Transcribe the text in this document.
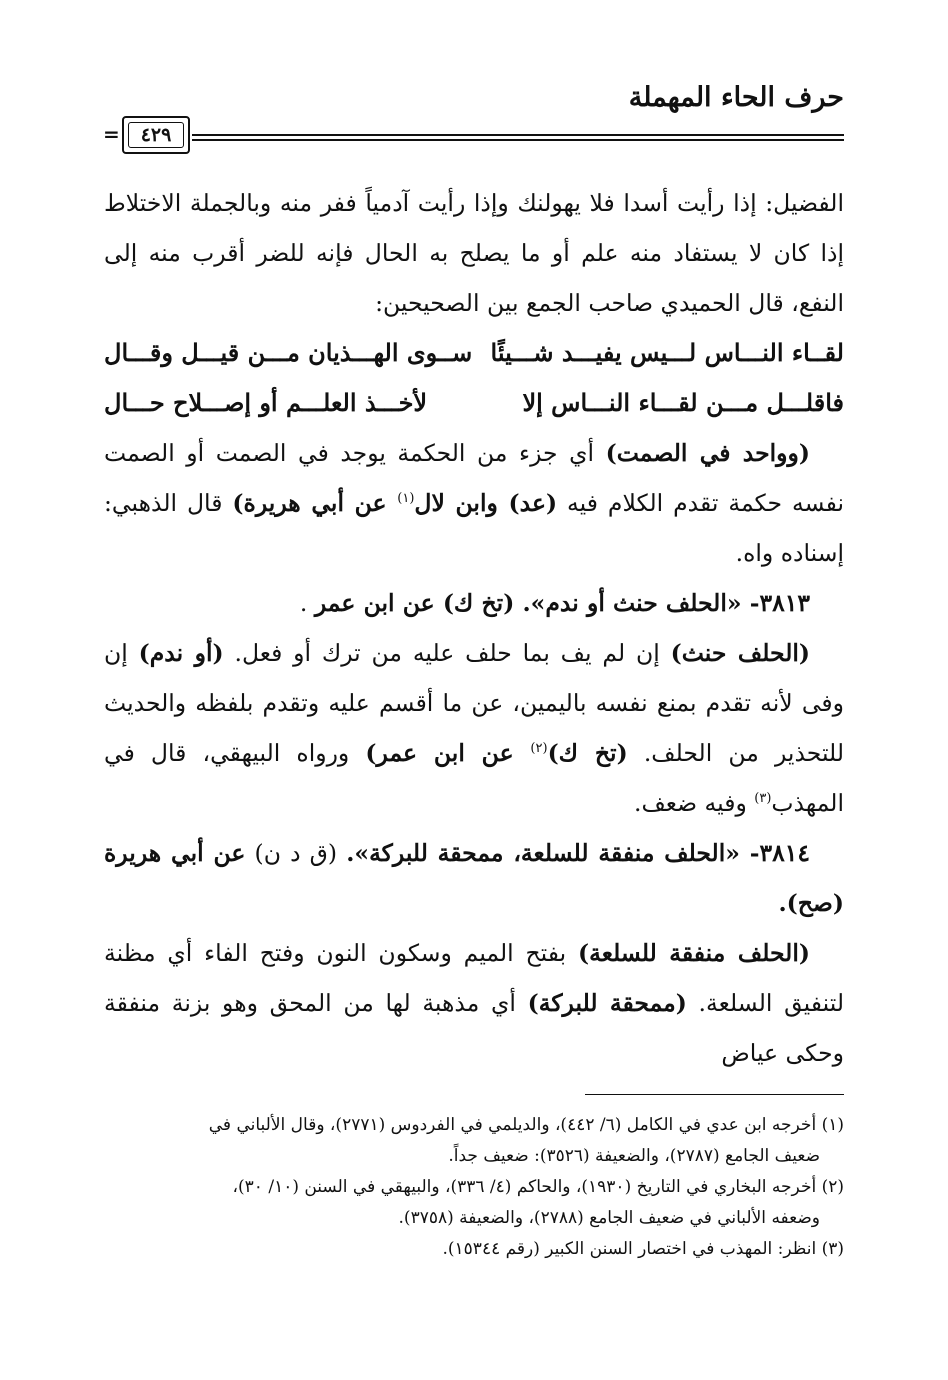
حرف الحاء المهملة
٤٢٩
=

الفضيل: إذا رأيت أسدا فلا يهولنك وإذا رأيت آدمياً ففر منه وبالجملة الاختلاط إذا كان لا يستفاد منه علم أو ما يصلح به الحال فإنه للضر أقرب منه إلى النفع، قال الحميدي صاحب الجمع بين الصحيحين:

لقــاء النـــاس لـــيس يفيـــد شـــيئًا
ســوى الهـــذيان مـــن قيـــل وقـــال
فاقلـــل مـــن لقـــاء النـــاس إلا
لأخـــذ العلـــم أو إصـــلاح حـــال

(وواحد في الصمت) أي جزء من الحكمة يوجد في الصمت أو الصمت نفسه حكمة تقدم الكلام فيه (عد) وابن لال$^{(١)}$ عن أبي هريرة) قال الذهبي: إسناده واه.

٣٨١٣- «الحلف حنث أو ندم». (تخ ك) عن ابن عمر .

(الحلف حنث) إن لم يف بما حلف عليه من ترك أو فعل. (أو ندم) إن وفى لأنه تقدم بمنع نفسه باليمين، عن ما أقسم عليه وتقدم بلفظه والحديث للتحذير من الحلف. (تخ ك)$^{(٢)}$ عن ابن عمر) ورواه البيهقي، قال في المهذب$^{(٣)}$ وفيه ضعف.

٣٨١٤- «الحلف منفقة للسلعة، ممحقة للبركة». (ق د ن) عن أبي هريرة (صح).

(الحلف منفقة للسلعة) بفتح الميم وسكون النون وفتح الفاء أي مظنة لتنفيق السلعة. (ممحقة للبركة) أي مذهبة لها من المحق وهو بزنة منفقة وحكى عياض

(١) أخرجه ابن عدي في الكامل (٦/ ٤٤٢)، والديلمي في الفردوس (٢٧٧١)، وقال الألباني في

ضعيف الجامع (٢٧٨٧)، والضعيفة (٣٥٢٦): ضعيف جداً.

(٢) أخرجه البخاري في التاريخ (١٩٣٠)، والحاكم (٤/ ٣٣٦)، والبيهقي في السنن (١٠/ ٣٠)،

وضعفه الألباني في ضعيف الجامع (٢٧٨٨)، والضعيفة (٣٧٥٨).

(٣) انظر: المهذب في اختصار السنن الكبير (رقم ١٥٣٤٤).
